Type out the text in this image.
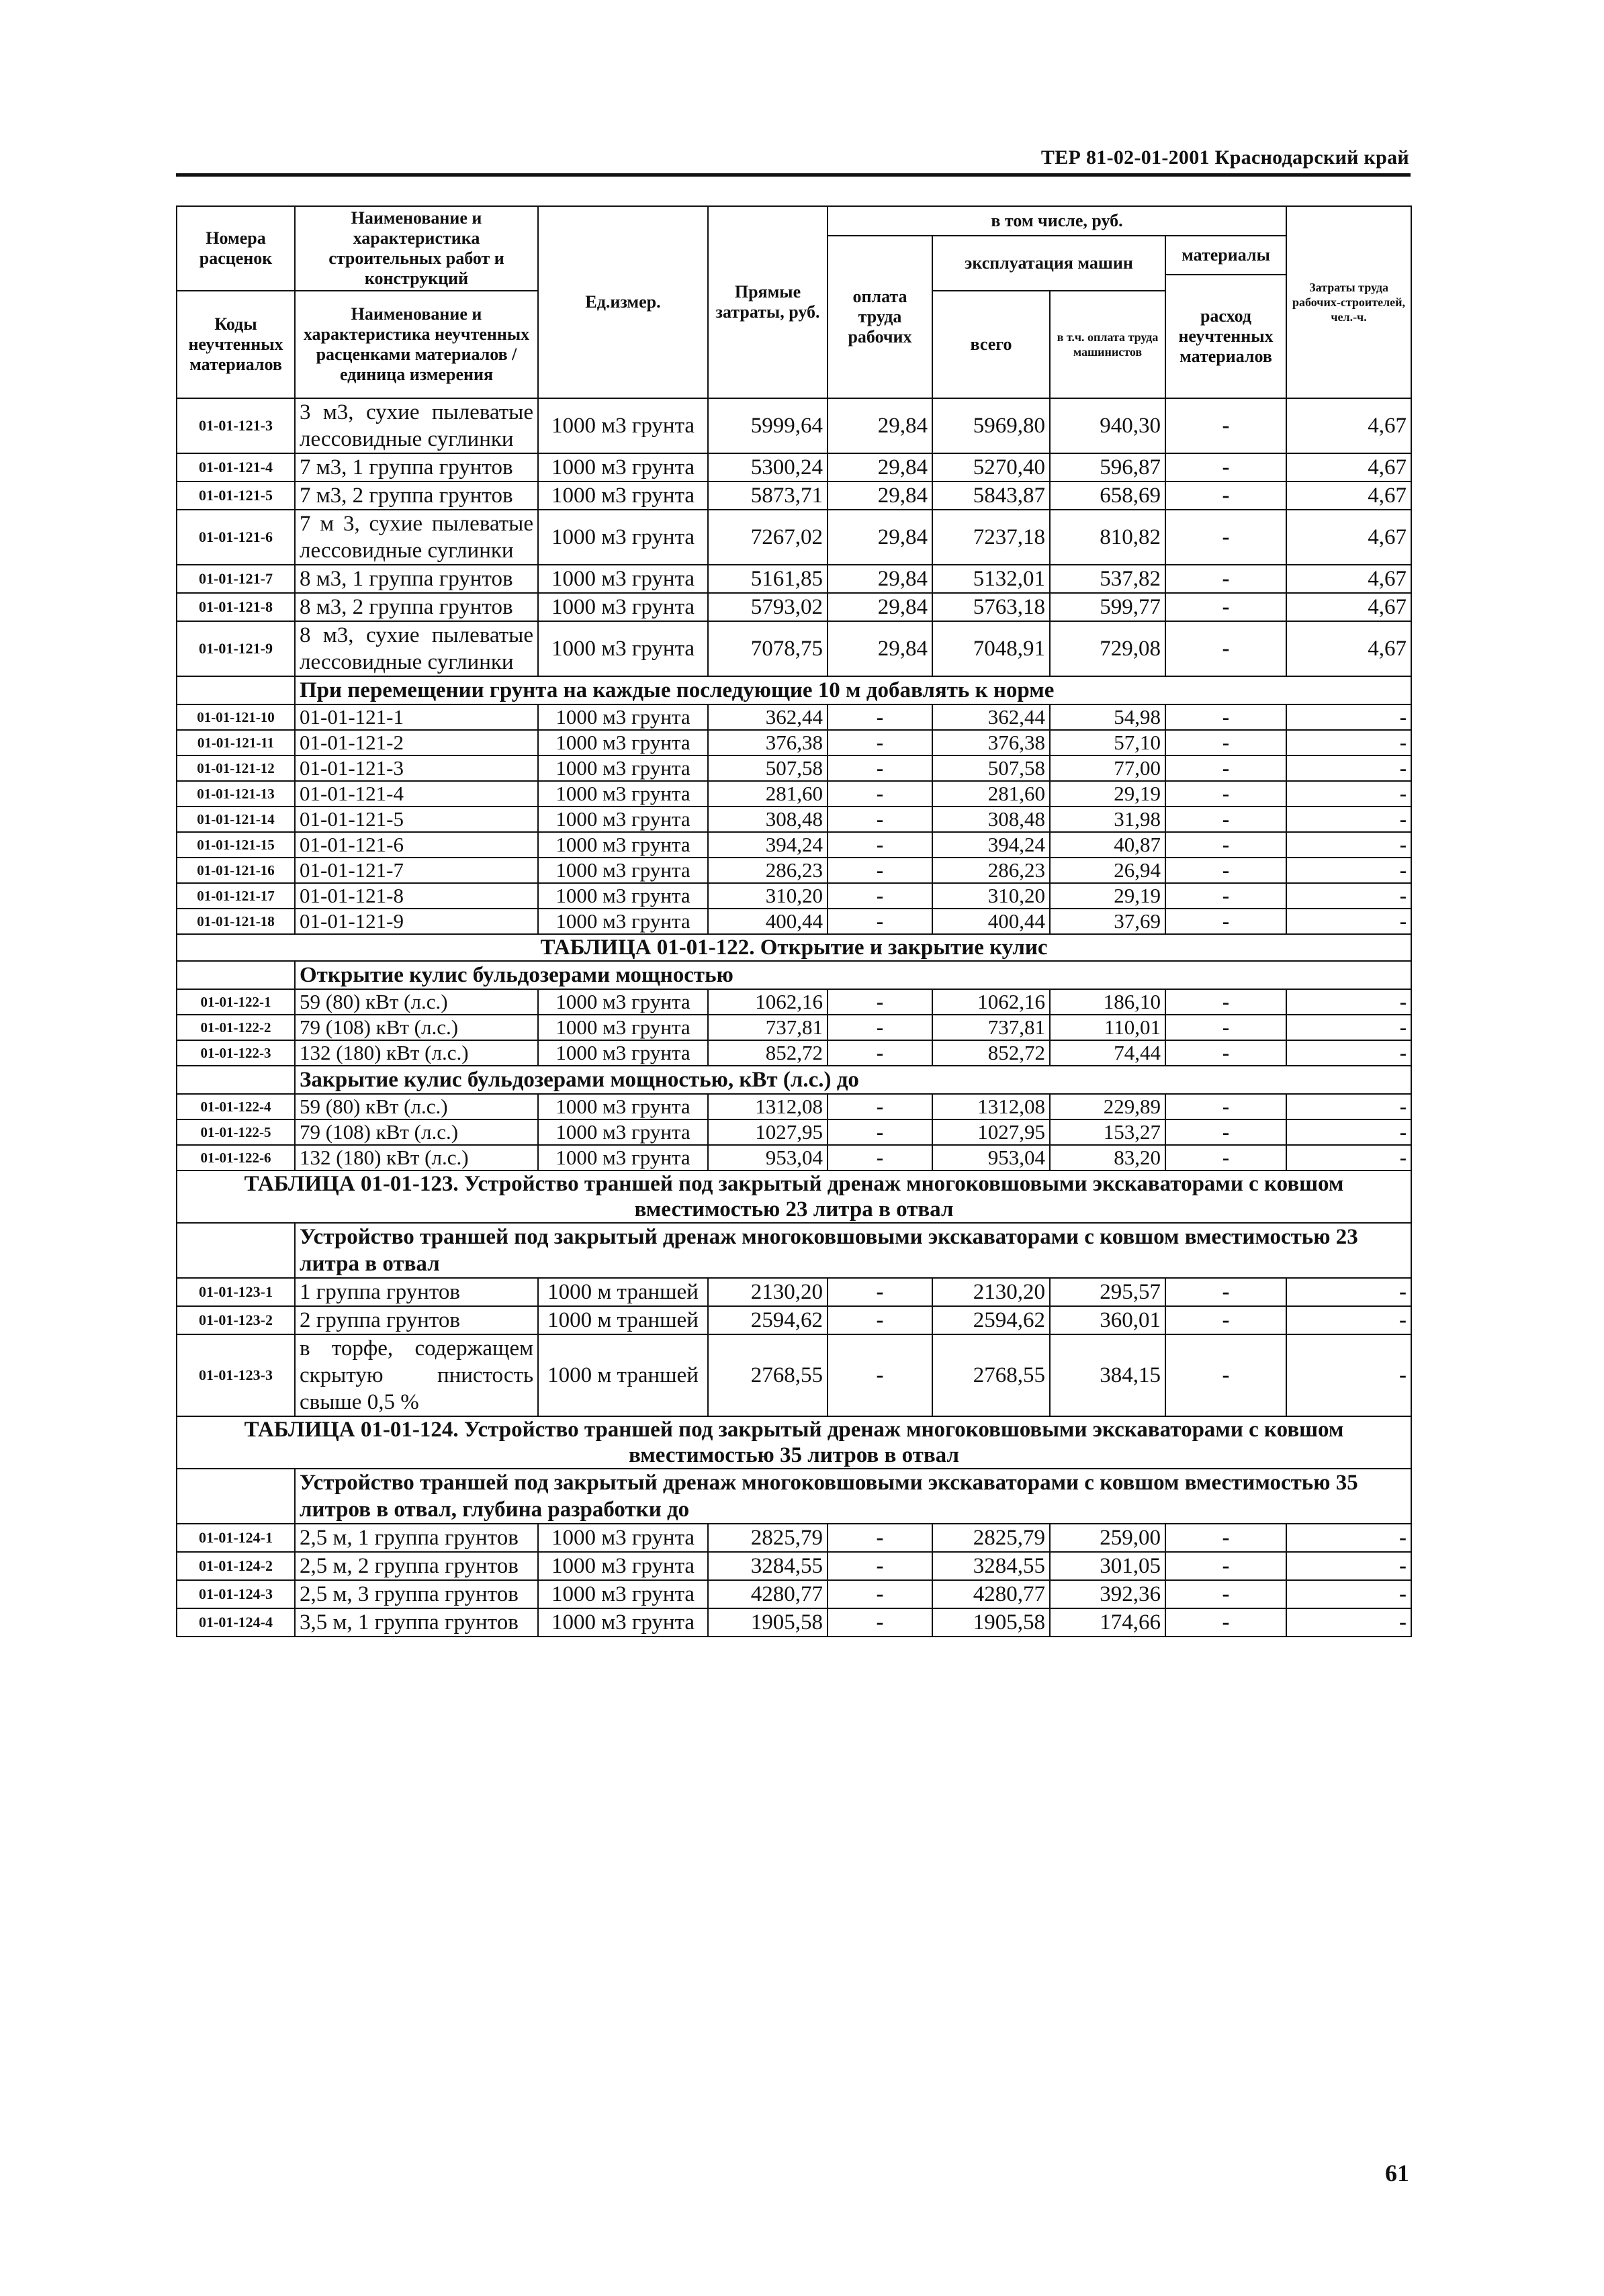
ТЕР 81-02-01-2001 Краснодарский край
Номера расценок	Наименование и характеристика строительных работ и конструкций	Ед.измер.	Прямые затраты, руб.	в том числе, руб.				Затраты труда рабочих-строителей, чел.-ч.
				оплата труда рабочих	эксплуатация машин		материалы	
							расход неучтенных материалов	
Коды неучтенных материалов	Наименование и характеристика неучтенных расценками материалов / единица измерения				всего	в т.ч. оплата труда машинистов		

01-01-121-3	3 м3, сухие пылеватые лессовидные суглинки	1000 м3 грунта	5999,64	29,84	5969,80	940,30	-	4,67
01-01-121-4	7 м3, 1 группа грунтов	1000 м3 грунта	5300,24	29,84	5270,40	596,87	-	4,67
01-01-121-5	7 м3, 2 группа грунтов	1000 м3 грунта	5873,71	29,84	5843,87	658,69	-	4,67
01-01-121-6	7 м 3, сухие пылеватые лессовидные суглинки	1000 м3 грунта	7267,02	29,84	7237,18	810,82	-	4,67
01-01-121-7	8 м3, 1 группа грунтов	1000 м3 грунта	5161,85	29,84	5132,01	537,82	-	4,67
01-01-121-8	8 м3, 2 группа грунтов	1000 м3 грунта	5793,02	29,84	5763,18	599,77	-	4,67
01-01-121-9	8 м3, сухие пылеватые лессовидные суглинки	1000 м3 грунта	7078,75	29,84	7048,91	729,08	-	4,67
	При перемещении грунта на каждые последующие 10 м добавлять к норме							
01-01-121-10	01-01-121-1	1000 м3 грунта	362,44	-	362,44	54,98	-	-
01-01-121-11	01-01-121-2	1000 м3 грунта	376,38	-	376,38	57,10	-	-
01-01-121-12	01-01-121-3	1000 м3 грунта	507,58	-	507,58	77,00	-	-
01-01-121-13	01-01-121-4	1000 м3 грунта	281,60	-	281,60	29,19	-	-
01-01-121-14	01-01-121-5	1000 м3 грунта	308,48	-	308,48	31,98	-	-
01-01-121-15	01-01-121-6	1000 м3 грунта	394,24	-	394,24	40,87	-	-
01-01-121-16	01-01-121-7	1000 м3 грунта	286,23	-	286,23	26,94	-	-
01-01-121-17	01-01-121-8	1000 м3 грунта	310,20	-	310,20	29,19	-	-
01-01-121-18	01-01-121-9	1000 м3 грунта	400,44	-	400,44	37,69	-	-
ТАБЛИЦА 01-01-122. Открытие и закрытие кулис								
	Открытие кулис бульдозерами мощностью							
01-01-122-1	59 (80) кВт (л.с.)	1000 м3 грунта	1062,16	-	1062,16	186,10	-	-
01-01-122-2	79 (108) кВт (л.с.)	1000 м3 грунта	737,81	-	737,81	110,01	-	-
01-01-122-3	132 (180) кВт (л.с.)	1000 м3 грунта	852,72	-	852,72	74,44	-	-
	Закрытие кулис бульдозерами мощностью, кВт (л.с.) до							
01-01-122-4	59 (80) кВт (л.с.)	1000 м3 грунта	1312,08	-	1312,08	229,89	-	-
01-01-122-5	79 (108) кВт (л.с.)	1000 м3 грунта	1027,95	-	1027,95	153,27	-	-
01-01-122-6	132 (180) кВт (л.с.)	1000 м3 грунта	953,04	-	953,04	83,20	-	-
ТАБЛИЦА 01-01-123. Устройство траншей под закрытый дренаж многоковшовыми экскаваторами с ковшом вместимостью 23 литра в отвал								
	Устройство траншей под закрытый дренаж многоковшовыми экскаваторами с ковшом вместимостью 23 литра в отвал							
01-01-123-1	1 группа грунтов	1000 м траншей	2130,20	-	2130,20	295,57	-	-
01-01-123-2	2 группа грунтов	1000 м траншей	2594,62	-	2594,62	360,01	-	-
01-01-123-3	в торфе, содержащем скрытую пнистость свыше 0,5 %	1000 м траншей	2768,55	-	2768,55	384,15	-	-
ТАБЛИЦА 01-01-124. Устройство траншей под закрытый дренаж многоковшовыми экскаваторами с ковшом вместимостью 35 литров в отвал								
	Устройство траншей под закрытый дренаж многоковшовыми экскаваторами с ковшом вместимостью 35 литров в отвал, глубина разработки до							
01-01-124-1	2,5 м, 1 группа грунтов	1000 м3 грунта	2825,79	-	2825,79	259,00	-	-
01-01-124-2	2,5 м, 2 группа грунтов	1000 м3 грунта	3284,55	-	3284,55	301,05	-	-
01-01-124-3	2,5 м, 3 группа грунтов	1000 м3 грунта	4280,77	-	4280,77	392,36	-	-
01-01-124-4	3,5 м, 1 группа грунтов	1000 м3 грунта	1905,58	-	1905,58	174,66	-	-
61
